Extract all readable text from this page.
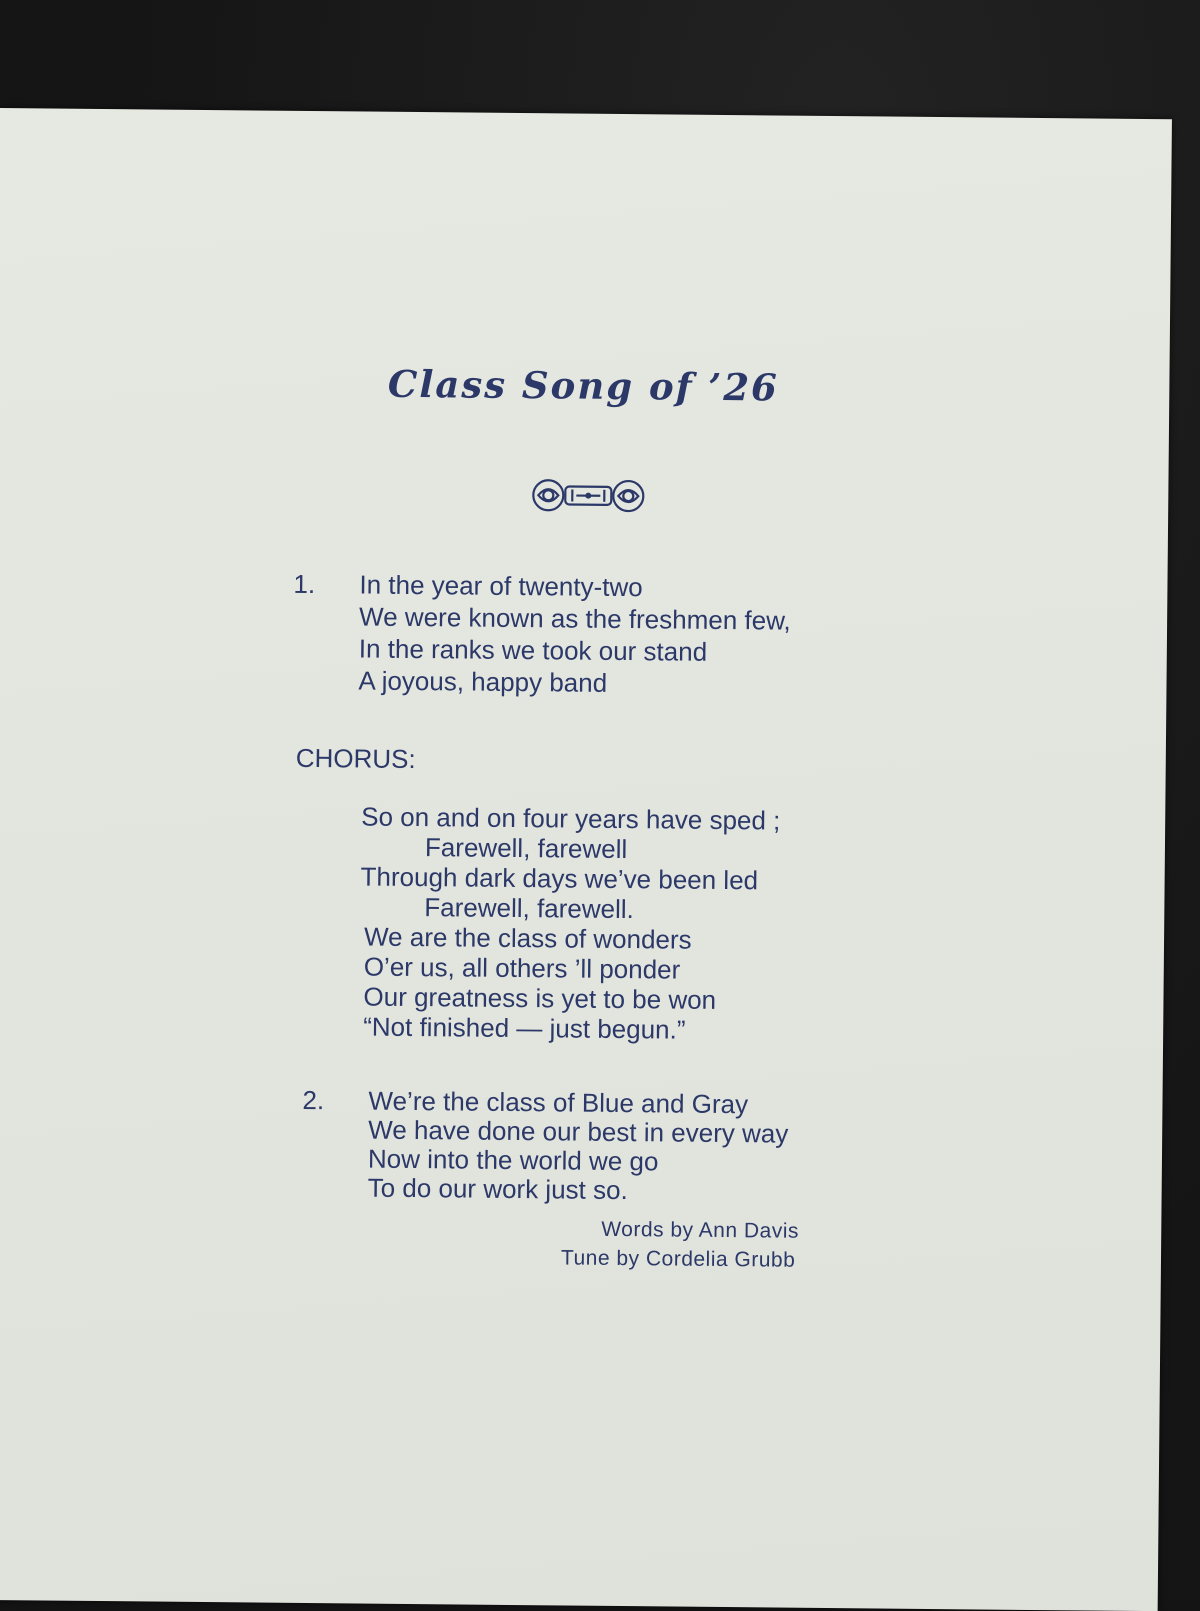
Class Song of ’26
1. In the year of twenty-two
We were known as the freshmen few,
In the ranks we took our stand
A joyous, happy band
CHORUS:
So on and on four years have sped ;
Farewell, farewell
Through dark days we’ve been led
Farewell, farewell.
We are the class of wonders
O’er us, all others ’ll ponder
Our greatness is yet to be won
“Not finished — just begun.”
2. We’re the class of Blue and Gray
We have done our best in every way
Now into the world we go
To do our work just so.
Words by Ann Davis
Tune by Cordelia Grubb
